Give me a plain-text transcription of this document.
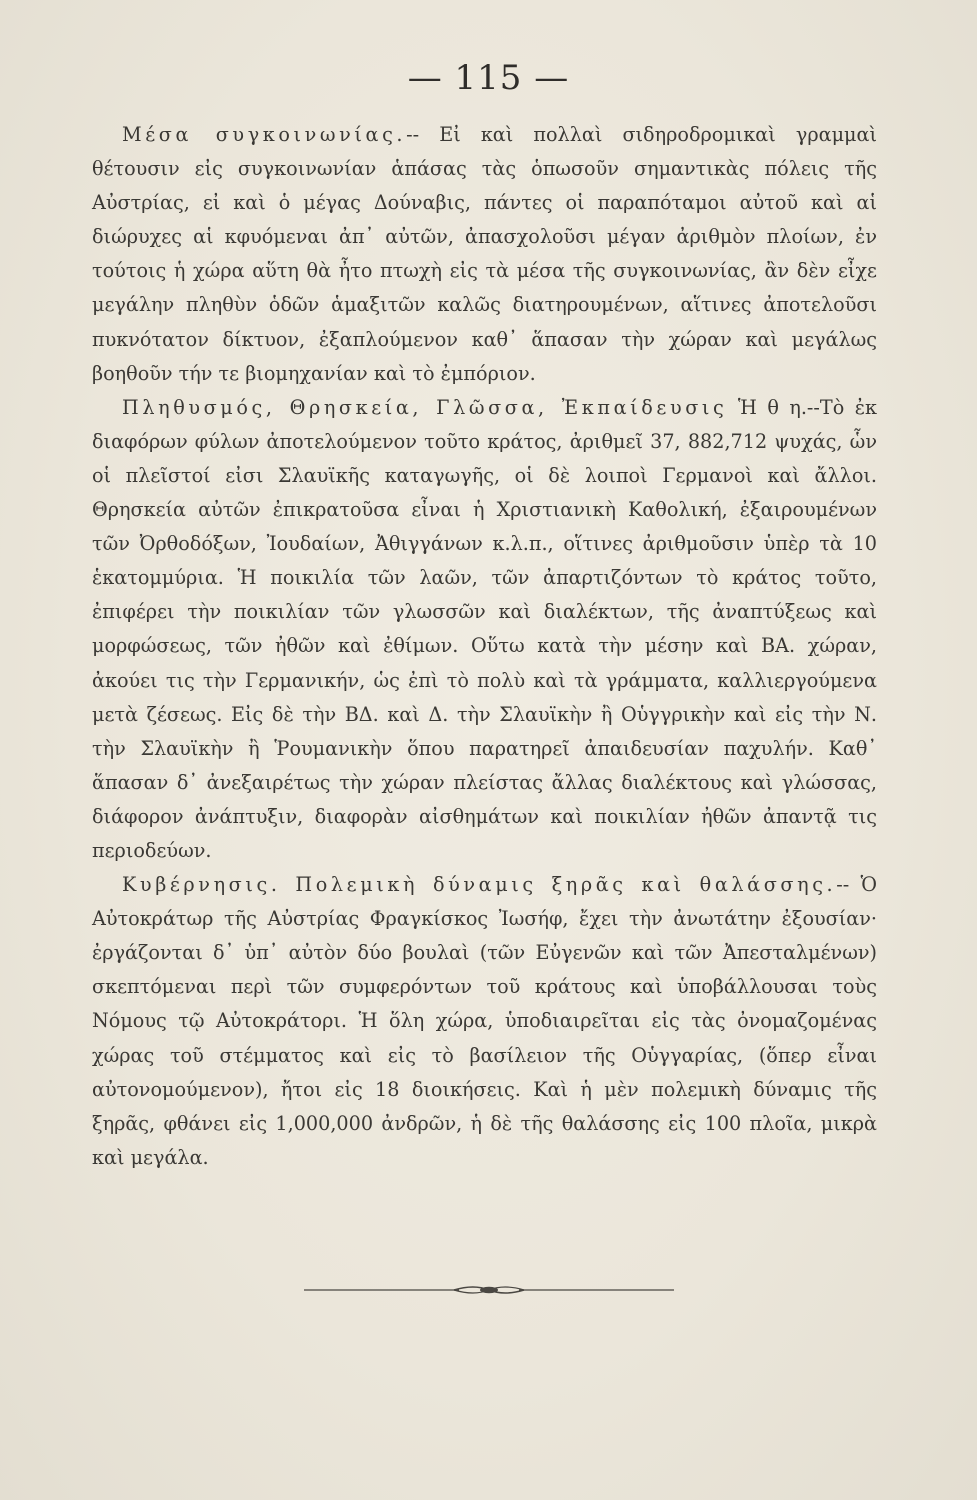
— 115 —

Μέσα συγκοινωνίας.-- Εἰ καὶ πολλαὶ σιδηροδρομικαὶ γραμμαὶ θέτουσιν εἰς συγκοινωνίαν ἁπάσας τὰς ὁπωσοῦν σημαντικὰς πόλεις τῆς Αὐστρίας, εἰ καὶ ὁ μέγας Δούναβις, πάντες οἱ παραπόταμοι αὐτοῦ καὶ αἱ διώρυχες αἱ κφυόμεναι ἀπ᾽ αὐτῶν, ἀπασχολοῦσι μέγαν ἀριθμὸν πλοίων, ἐν τούτοις ἡ χώρα αὕτη θὰ ἦτο πτωχὴ εἰς τὰ μέσα τῆς συγκοινωνίας, ἂν δὲν εἶχε μεγάλην πληθὺν ὁδῶν ἁμαξιτῶν καλῶς διατηρουμένων, αἵτινες ἀποτελοῦσι πυκνότατον δίκτυον, ἐξαπλούμενον καθ᾽ ἅπασαν τὴν χώραν καὶ μεγάλως βοηθοῦν τήν τε βιομηχανίαν καὶ τὸ ἐμπόριον.

Πληθυσμός, Θρησκεία, Γλῶσσα, Ἐκπαίδευσις Ἡ θ η.--Τὸ ἐκ διαφόρων φύλων ἀποτελούμενον τοῦτο κράτος, ἀριθμεῖ 37, 882,712 ψυχάς, ὧν οἱ πλεῖστοί εἰσι Σλαυϊκῆς καταγωγῆς, οἱ δὲ λοιποὶ Γερμανοὶ καὶ ἄλλοι. Θρησκεία αὐτῶν ἐπικρατοῦσα εἶναι ἡ Χριστιανικὴ Καθολική, ἐξαιρουμένων τῶν Ὀρθοδόξων, Ἰουδαίων, Ἀθιγγάνων κ.λ.π., οἵτινες ἀριθμοῦσιν ὑπὲρ τὰ 10 ἑκατομμύρια. Ἡ ποικιλία τῶν λαῶν, τῶν ἀπαρτιζόντων τὸ κράτος τοῦτο, ἐπιφέρει τὴν ποικιλίαν τῶν γλωσσῶν καὶ διαλέκτων, τῆς ἀναπτύξεως καὶ μορφώσεως, τῶν ἠθῶν καὶ ἐθίμων. Οὕτω κατὰ τὴν μέσην καὶ ΒΑ. χώραν, ἀκούει τις τὴν Γερμανικήν, ὡς ἐπὶ τὸ πολὺ καὶ τὰ γράμματα, καλλιεργούμενα μετὰ ζέσεως. Εἰς δὲ τὴν ΒΔ. καὶ Δ. τὴν Σλαυϊκὴν ἢ Οὑγγρικὴν καὶ εἰς τὴν Ν. τὴν Σλαυϊκὴν ἢ Ῥουμανικὴν ὅπου παρατηρεῖ ἀπαιδευσίαν παχυλήν. Καθ᾽ ἅπασαν δ᾽ ἀνεξαιρέτως τὴν χώραν πλείστας ἄλλας διαλέκτους καὶ γλώσσας, διάφορον ἀνάπτυξιν, διαφορὰν αἰσθημάτων καὶ ποικιλίαν ἠθῶν ἀπαντᾷ τις περιοδεύων.

Κυβέρνησις. Πολεμικὴ δύναμις ξηρᾶς καὶ θαλάσσης.-- Ὁ Αὐτοκράτωρ τῆς Αὐστρίας Φραγκίσκος Ἰωσήφ, ἔχει τὴν ἀνωτάτην ἐξουσίαν· ἐργάζονται δ᾽ ὑπ᾽ αὐτὸν δύο βουλαὶ (τῶν Εὐγενῶν καὶ τῶν Ἀπεσταλμένων) σκεπτόμεναι περὶ τῶν συμφερόντων τοῦ κράτους καὶ ὑποβάλλουσαι τοὺς Νόμους τῷ Αὐτοκράτορι. Ἡ ὅλη χώρα, ὑποδιαιρεῖται εἰς τὰς ὀνομαζομένας χώρας τοῦ στέμματος καὶ εἰς τὸ βασίλειον τῆς Οὑγγαρίας, (ὅπερ εἶναι αὐτονομούμενον), ἤτοι εἰς 18 διοικήσεις. Καὶ ἡ μὲν πολεμικὴ δύναμις τῆς ξηρᾶς, φθάνει εἰς 1,000,000 ἀνδρῶν, ἡ δὲ τῆς θαλάσσης εἰς 100 πλοῖα, μικρὰ καὶ μεγάλα.
